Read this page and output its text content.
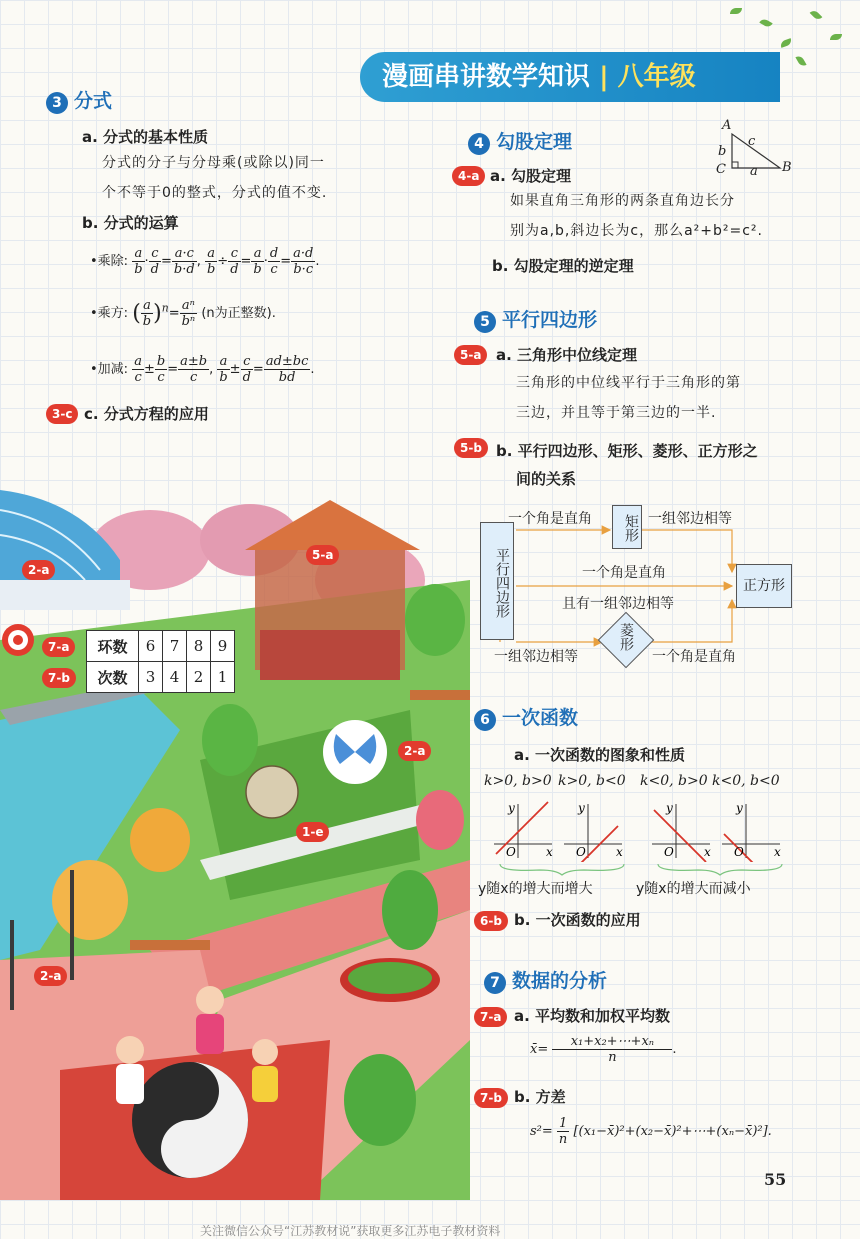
漫画串讲数学知识 | 八年级
3 分式
a. 分式的基本性质
分式的分子与分母乘(或除以)同一
个不等于0的整式，分式的值不变.
b. 分式的运算
•乘除: $\frac{a}{b} \cdot \frac{c}{d} = \frac{a\cdot c}{b\cdot d}$ , $\frac{a}{b} \div \frac{c}{d} = \frac{a}{b} \cdot \frac{d}{c} = \frac{a\cdot d}{b\cdot c}$ .
•乘方: ( $\frac{a}{b} )^n= \frac{\text{aⁿ}}{\text{bⁿ}} (n$为正整数).
•加减: $\frac{a}{c} \pm \frac{b}{c} = \frac{a\pm b}{c}$ , $\frac{a}{b} \pm \frac{c}{d} = \frac{ad\pm bc}{bd}$ .
3-c c. 分式方程的应用
4 勾股定理
A
c
b
C a B
4-a a. 勾股定理
如果直角三角形的两条直角边长分
别为a,b,斜边长为c，那么a²+b²=c².
b. 勾股定理的逆定理
5 平行四边形
5-a a. 三角形中位线定理
三角形的中位线平行于三角形的第
三边，并且等于第三边的一半.
5-b b. 平行四边形、矩形、菱形、正方形之
间的关系
平行四边形
矩形
正方形
菱形
一个角是直角	一组邻边相等
一个角是直角
且有一组邻边相等
一组邻边相等	一个角是直角
6 一次函数
a. 一次函数的图象和性质
k>0, b>0 k>0, b<0 k<0, b>0 k<0, b<0
y
x
O
y
x
O
y
x
O
y
x
O
y随x的增大而增大	y随x的增大而减小
6-b b. 一次函数的应用
7 数据的分析
7-a a. 平均数和加权平均数
x̄= $\frac{\text{x₁+x₂+⋯+xₙ}}{n}$ .
7-b b. 方差
$s^2= \frac{1}{n}$ [(x₁−x̄)²+(x₂−x̄)²+⋯+(xₙ−x̄)²].
2-a
5-a
2-a
1-e
2-a
7-a
7-b
环数	6	7	8	9
次数	3	4	2	1
55
关注微信公众号“江苏教材说”获取更多江苏电子教材资料
